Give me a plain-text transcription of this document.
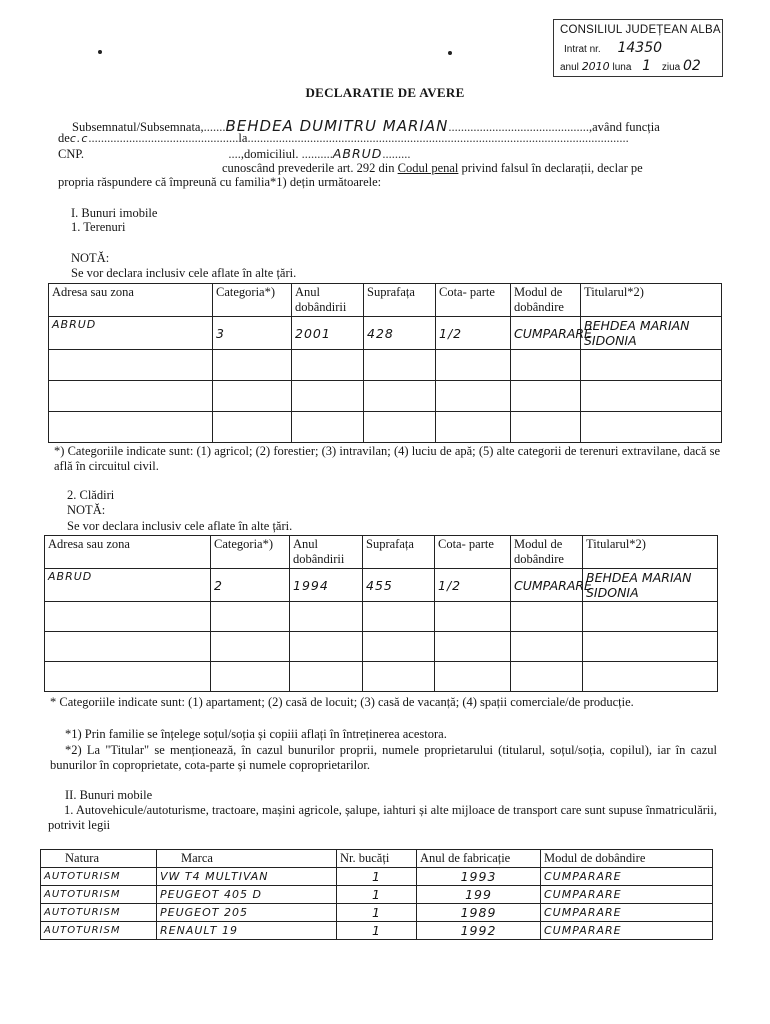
CONSILIUL JUDEȚEAN ALBA
Intrat nr. 14350
anul 2010 luna 1 ziua 02
DECLARATIE DE AVERE
Subsemnatul/Subsemnata,.......BEHDEA DUMITRU MARIAN.............................................,având funcția
dec.c................................................la..........................................................................................................................
CNP.	....,domiciliul. ..........ABRUD.........
cunoscând prevederile art. 292 din Codul penal privind falsul în declarații, declar pe
propria răspundere că împreună cu familia*1) dețin următoarele:
I. Bunuri imobile
1. Terenuri
NOTĂ:
Se vor declara inclusiv cele aflate în alte țări.
Adresa sau zona	Categoria*)	Anul dobândirii	Suprafața	Cota- parte	Modul de dobândire	Titularul*2)
ABRUD	3	2001	428	1/2	CUMPARARE	BEHDEA MARIAN SIDONIA

*) Categoriile indicate sunt: (1) agricol; (2) forestier; (3) intravilan; (4) luciu de apă; (5) alte categorii de terenuri extravilane, dacă se află în circuitul civil.
2. Clădiri
NOTĂ:
Se vor declara inclusiv cele aflate în alte țări.
Adresa sau zona	Categoria*)	Anul dobândirii	Suprafața	Cota- parte	Modul de dobândire	Titularul*2)
ABRUD	2	1994	455	1/2	CUMPARARE	BEHDEA MARIAN SIDONIA

* Categoriile indicate sunt: (1) apartament; (2) casă de locuit; (3) casă de vacanță; (4) spații comerciale/de producție.
*1) Prin familie se înțelege soțul/soția și copiii aflați în întreținerea acestora.
*2) La "Titular" se menționează, în cazul bunurilor proprii, numele proprietarului (titularul, soțul/soția, copilul), iar în cazul bunurilor în coproprietate, cota-parte și numele coproprietarilor.
II. Bunuri mobile
1. Autovehicule/autoturisme, tractoare, mașini agricole, șalupe, iahturi și alte mijloace de transport care sunt supuse înmatriculării, potrivit legii
Natura	Marca	Nr. bucăți	Anul de fabricație	Modul de dobândire
AUTOTURISM	VW T4 MULTIVAN	1	1993	CUMPARARE
AUTOTURISM	PEUGEOT 405 D	1	199	CUMPARARE
AUTOTURISM	PEUGEOT 205	1	1989	CUMPARARE
AUTOTURISM	RENAULT 19	1	1992	CUMPARARE
